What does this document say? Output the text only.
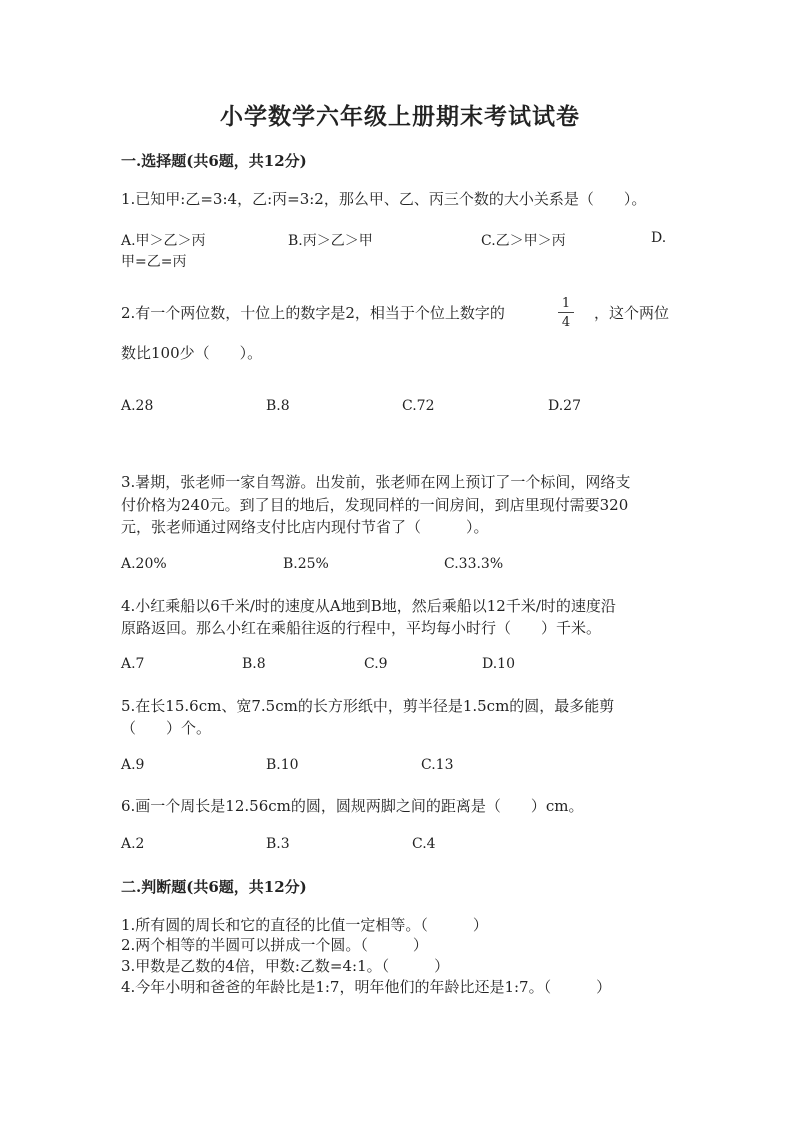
小学数学六年级上册期末考试试卷
一.选择题(共6题，共12分)
1.已知甲:乙=3:4，乙:丙=3:2，那么甲、乙、丙三个数的大小关系是（　　）。
A.甲＞乙＞丙	B.丙＞乙＞甲	C.乙＞甲＞丙	D.
甲=乙=丙
2.有一个两位数，十位上的数字是2，相当于个位上数字的	$\frac{1}{4}$ ，这个两位
数比100少（　　）。
A.28	B.8	C.72	D.27
3.暑期，张老师一家自驾游。出发前，张老师在网上预订了一个标间，网络支
付价格为240元。到了目的地后，发现同样的一间房间，到店里现付需要320
元，张老师通过网络支付比店内现付节省了（　　　）。
A.20%	B.25%	C.33.3%
4.小红乘船以6千米/时的速度从A地到B地，然后乘船以12千米/时的速度沿
原路返回。那么小红在乘船往返的行程中，平均每小时行（　　）千米。
A.7	B.8	C.9	D.10
5.在长15.6cm、宽7.5cm的长方形纸中，剪半径是1.5cm的圆，最多能剪
（　　）个。
A.9	B.10	C.13
6.画一个周长是12.56cm的圆，圆规两脚之间的距离是（　　）cm。
A.2	B.3	C.4
二.判断题(共6题，共12分)
1.所有圆的周长和它的直径的比值一定相等。（　　　）
2.两个相等的半圆可以拼成一个圆。（　　　）
3.甲数是乙数的4倍，甲数:乙数=4:1。（　　　）
4.今年小明和爸爸的年龄比是1:7，明年他们的年龄比还是1:7。（　　　）
